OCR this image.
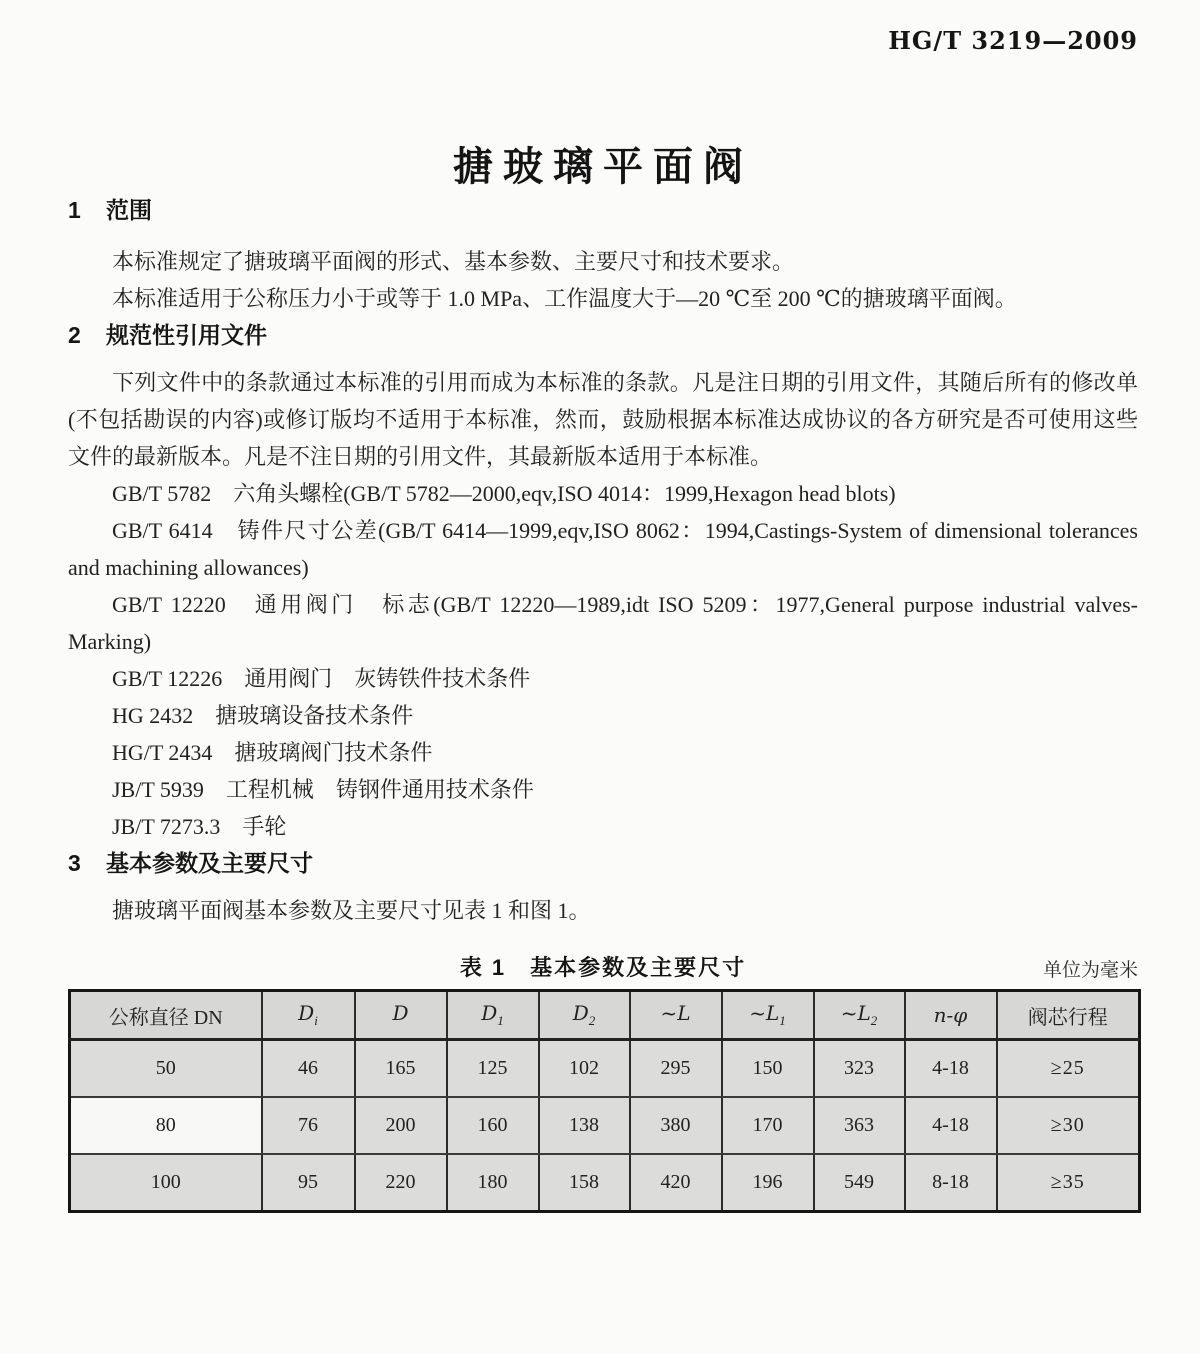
HG/T 3219—2009
搪玻璃平面阀
1 范围

本标准规定了搪玻璃平面阀的形式、基本参数、主要尺寸和技术要求。

本标准适用于公称压力小于或等于 1.0 MPa、工作温度大于—20 ℃至 200 ℃的搪玻璃平面阀。

2 规范性引用文件

下列文件中的条款通过本标准的引用而成为本标准的条款。凡是注日期的引用文件，其随后所有的修改单(不包括勘误的内容)或修订版均不适用于本标准，然而，鼓励根据本标准达成协议的各方研究是否可使用这些文件的最新版本。凡是不注日期的引用文件，其最新版本适用于本标准。

GB/T 5782　六角头螺栓(GB/T 5782—2000,eqv,ISO 4014：1999,Hexagon head blots)

GB/T 6414　铸件尺寸公差(GB/T 6414—1999,eqv,ISO 8062：1994,Castings-System of dimensional tolerances and machining allowances)

GB/T 12220　通用阀门　标志(GB/T 12220—1989,idt ISO 5209：1977,General purpose industrial valves-Marking)

GB/T 12226　通用阀门　灰铸铁件技术条件

HG 2432　搪玻璃设备技术条件

HG/T 2434　搪玻璃阀门技术条件

JB/T 5939　工程机械　铸钢件通用技术条件

JB/T 7273.3　手轮

3 基本参数及主要尺寸

搪玻璃平面阀基本参数及主要尺寸见表 1 和图 1。

表 1　基本参数及主要尺寸	单位为毫米
公称直径 DN	$D_i$	D	$D_1$	$D_2$	~L	$\sim L_1$	$\sim L_2$	n-φ	阀芯行程
50	46	165	125	102	295	150	323	4-18	≥25
80	76	200	160	138	380	170	363	4-18	≥30
100	95	220	180	158	420	196	549	8-18	≥35
